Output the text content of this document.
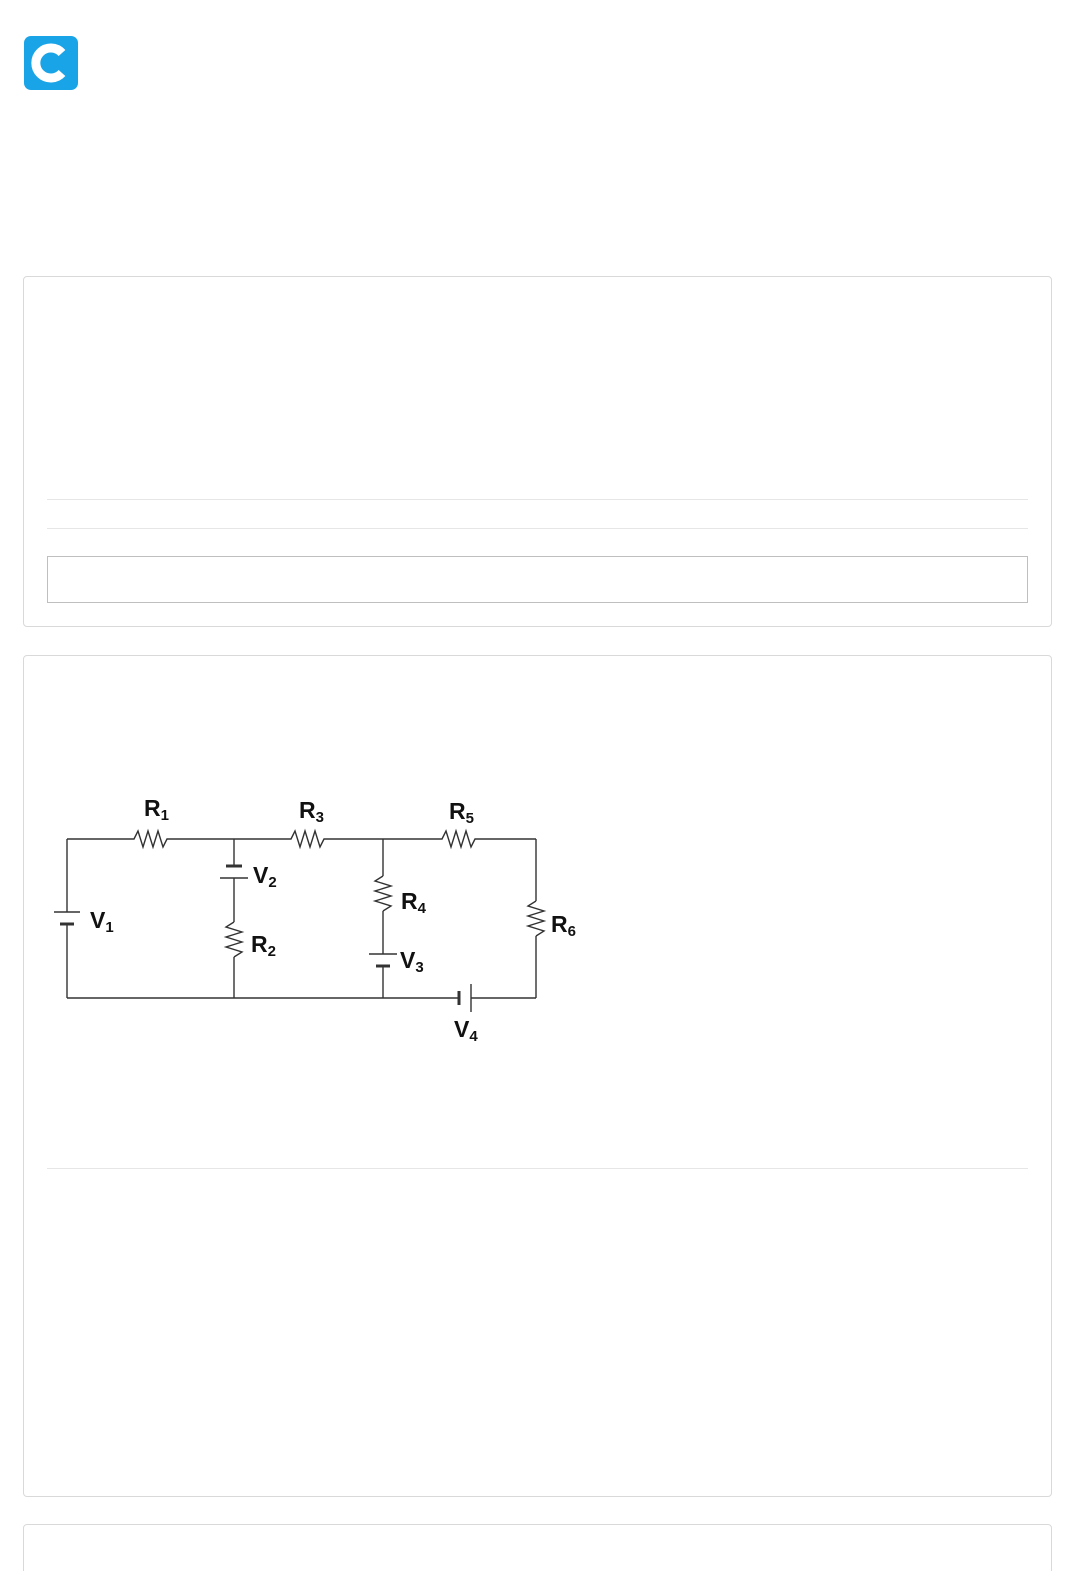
R1	R3	R5
V2
V1
R4
R6
R2	V3
V4
